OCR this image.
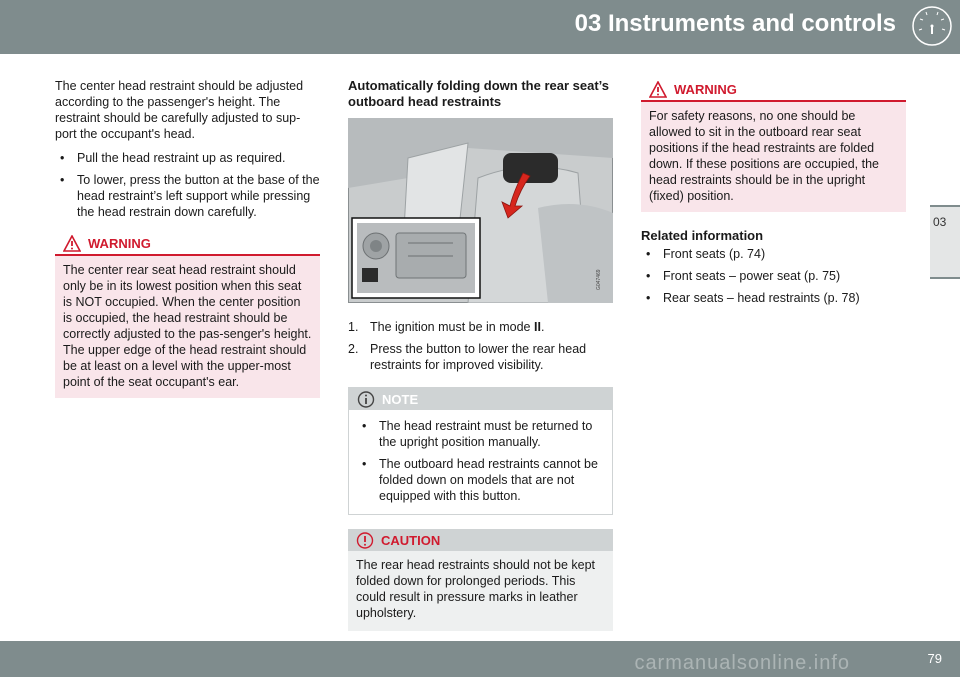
03 Instruments and controls
03

The center head restraint should be adjusted according to the passenger's height. The restraint should be carefully adjusted to sup-port the occupant's head.

• Pull the head restraint up as required.
• To lower, press the button at the base of the head restraint’s left support while pressing the head restrain down carefully.
WARNING
The center rear seat head restraint should only be in its lowest position when this seat is NOT occupied. When the center position is occupied, the head restraint should be correctly adjusted to the pas-senger's height. The upper edge of the head restraint should be at least on a level with the upper-most point of the seat occupant's ear.
Automatically folding down the rear seat’s outboard head restraints
G047469
1. The ignition must be in mode II.
2. Press the button to lower the rear head restraints for improved visibility.
NOTE
• The head restraint must be returned to the upright position manually.
• The outboard head restraints cannot be folded down on models that are not equipped with this button.
CAUTION
The rear head restraints should not be kept folded down for prolonged periods. This could result in pressure marks in leather upholstery.
WARNING
For safety reasons, no one should be allowed to sit in the outboard rear seat positions if the head restraints are folded down. If these positions are occupied, the head restraints should be in the upright (fixed) position.
Related information
• Front seats (p. 74)
• Front seats – power seat (p. 75)
• Rear seats – head restraints (p. 78)
carmanualsonline.info	79
